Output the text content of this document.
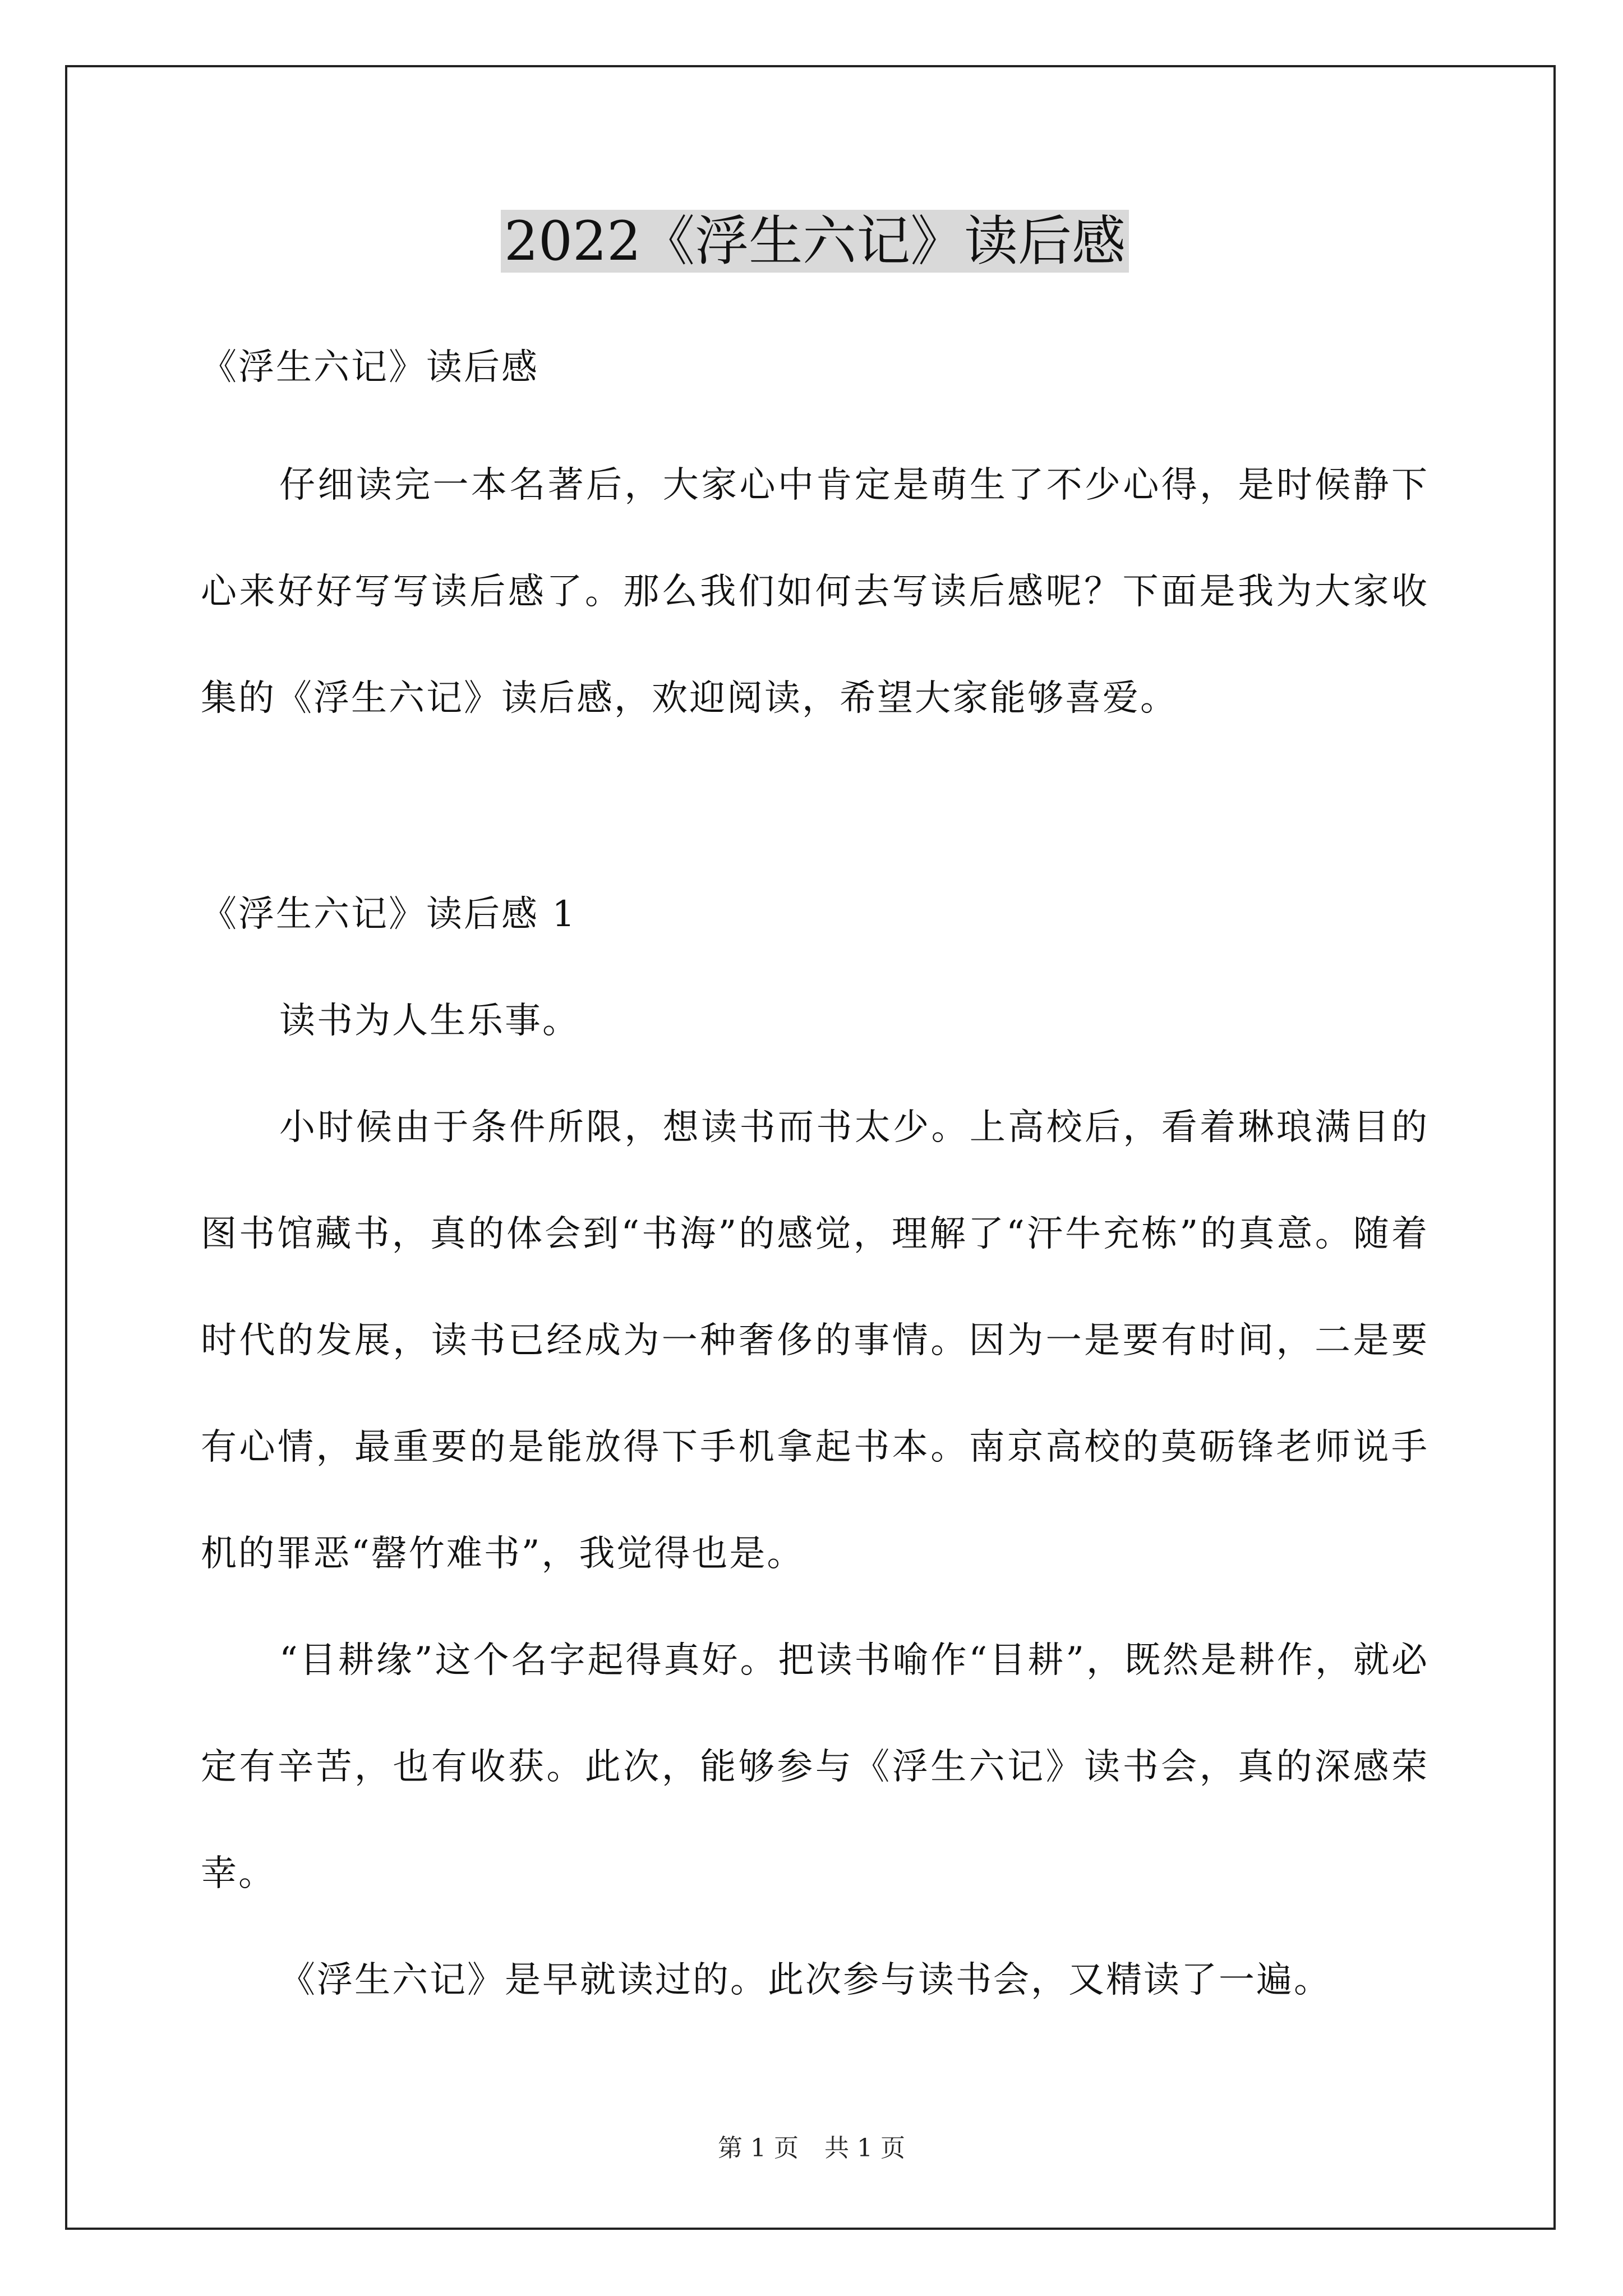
2022《浮生六记》读后感

《浮生六记》读后感

仔细读完一本名著后，大家心中肯定是萌生了不少心得，是时候静下心来好好写写读后感了。那么我们如何去写读后感呢？下面是我为大家收集的《浮生六记》读后感，欢迎阅读，希望大家能够喜爱。

《浮生六记》读后感 1

读书为人生乐事。

小时候由于条件所限，想读书而书太少。上高校后，看着琳琅满目的图书馆藏书，真的体会到“书海”的感觉，理解了“汗牛充栋”的真意。随着时代的发展，读书已经成为一种奢侈的事情。因为一是要有时间，二是要有心情，最重要的是能放得下手机拿起书本。南京高校的莫砺锋老师说手机的罪恶“罄竹难书”，我觉得也是。

“目耕缘”这个名字起得真好。把读书喻作“目耕”，既然是耕作，就必定有辛苦，也有收获。此次，能够参与《浮生六记》读书会，真的深感荣幸。

《浮生六记》是早就读过的。此次参与读书会，又精读了一遍。

第 1 页 共 1 页
